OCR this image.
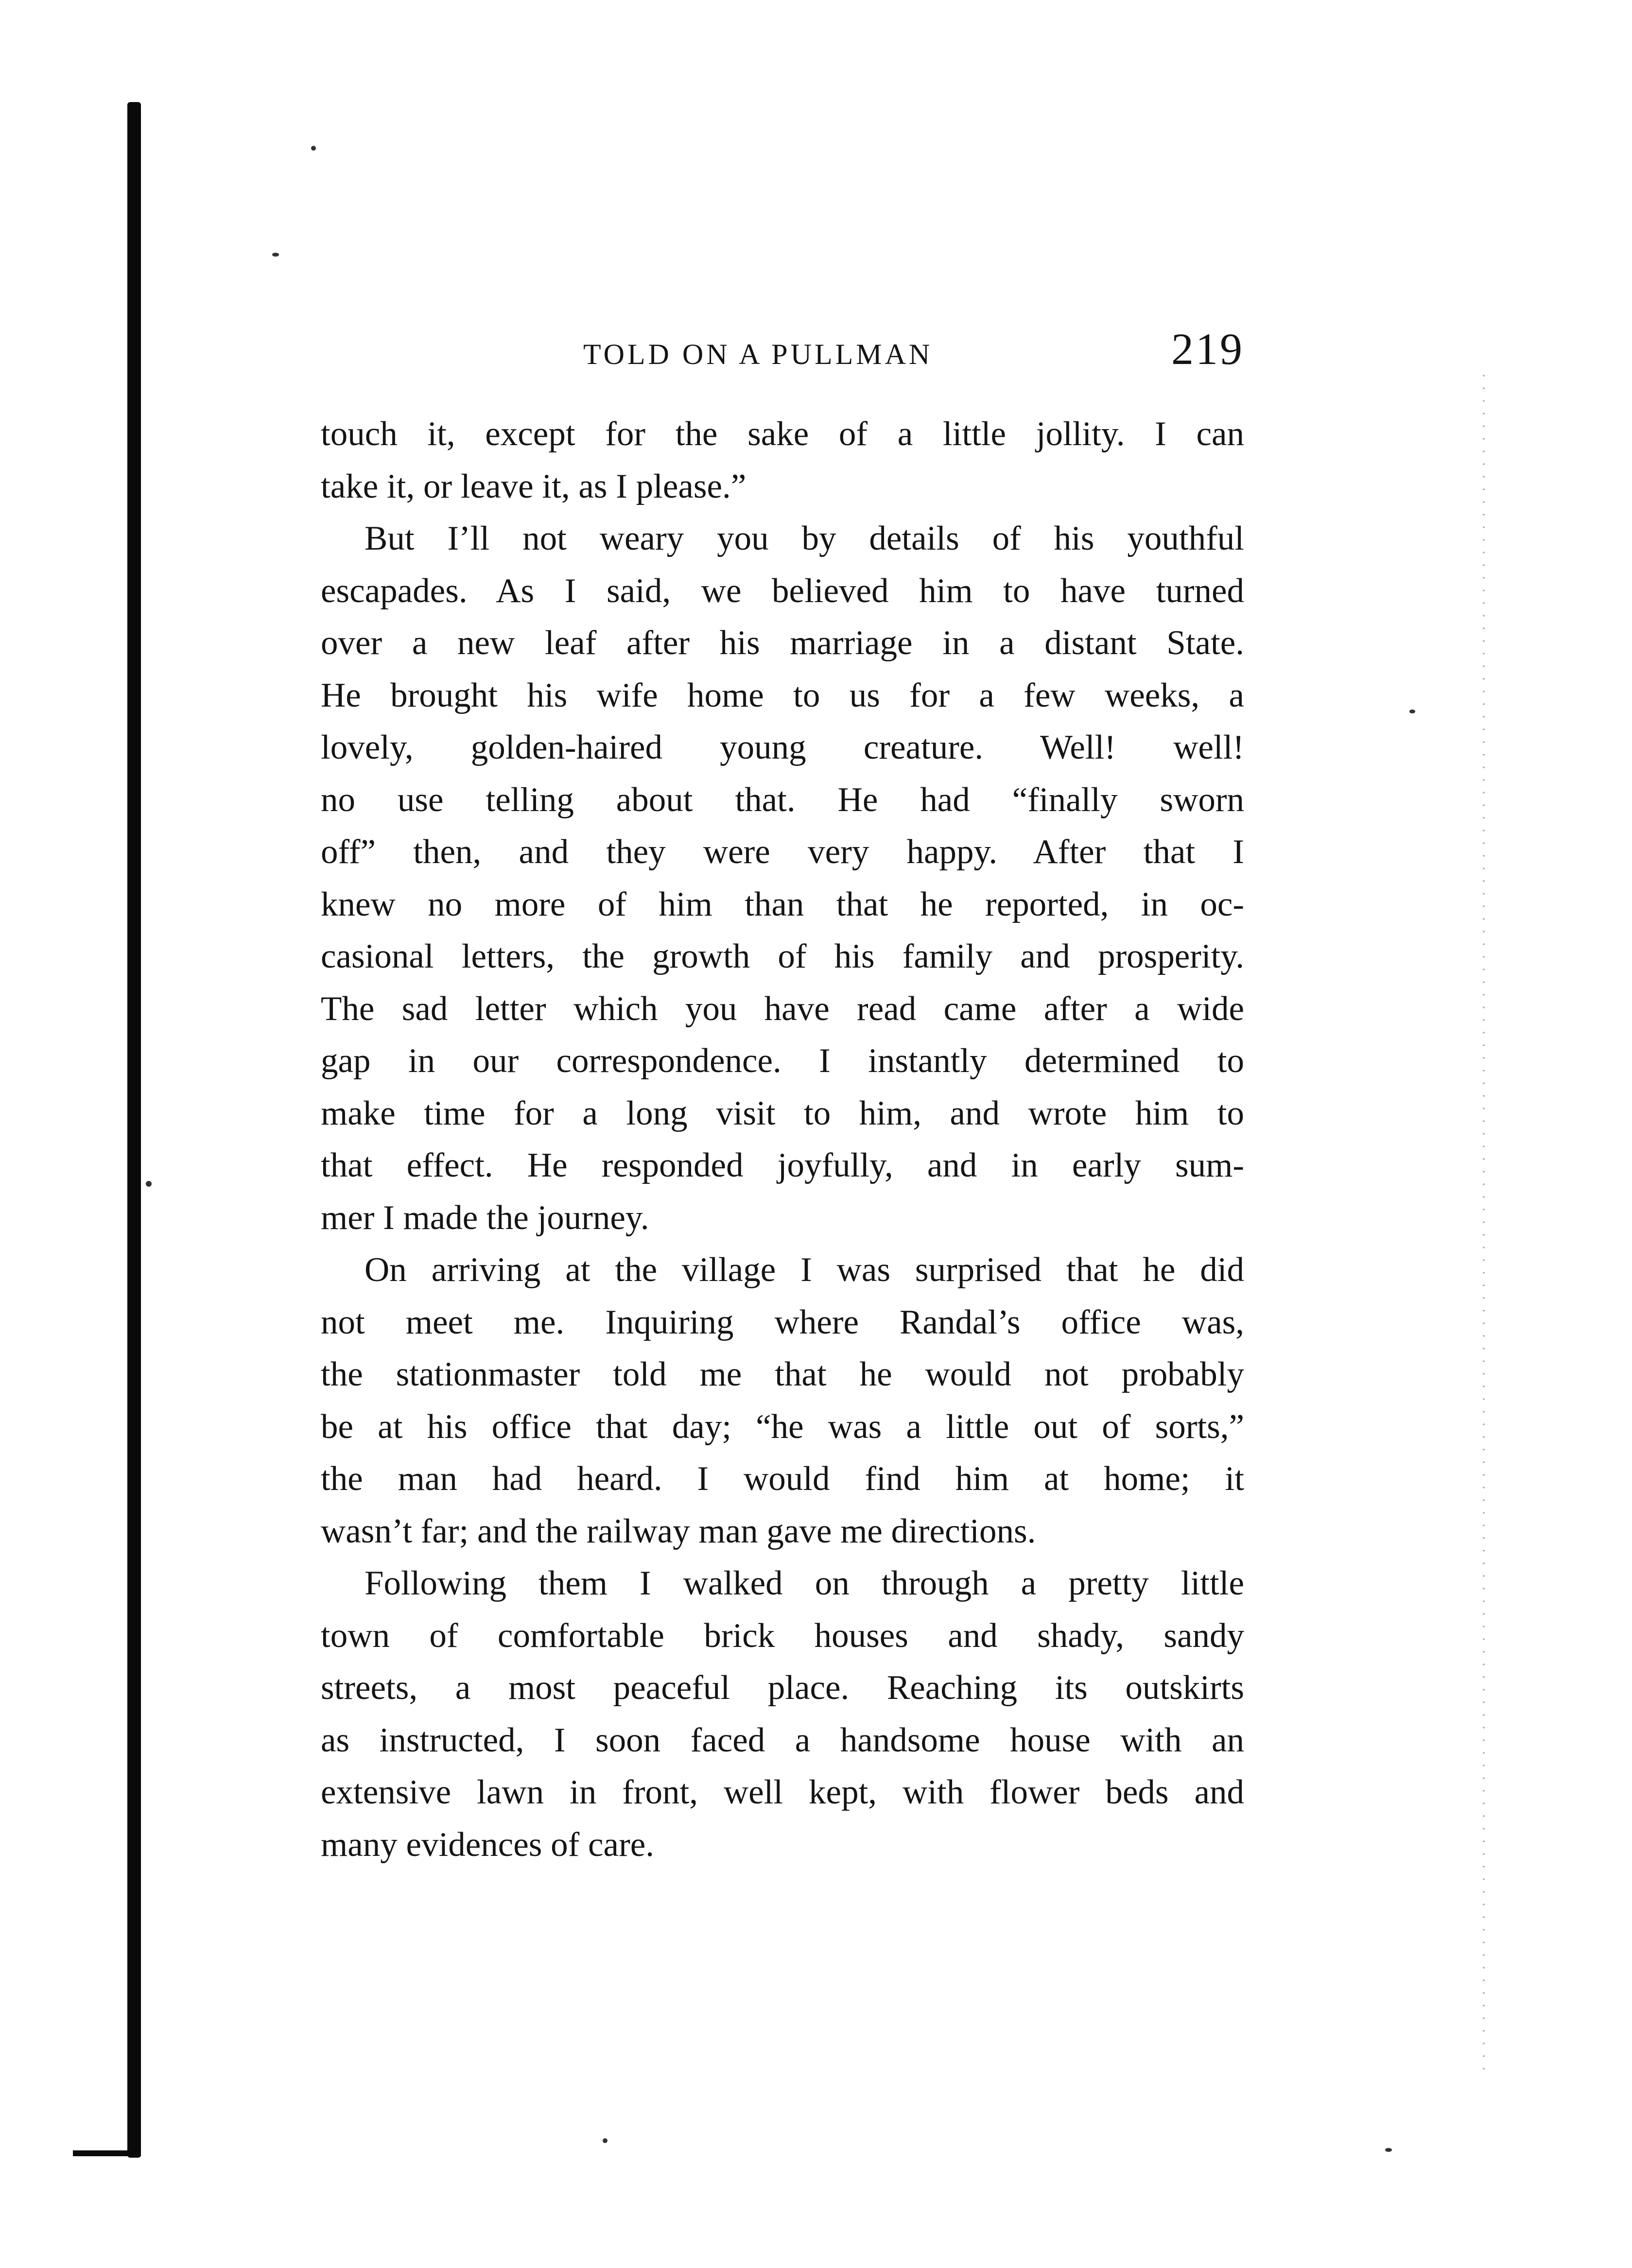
TOLD ON A PULLMAN	219

touch it, except for the sake of a little jollity. I can
take it, or leave it, as I please.”

But I’ll not weary you by details of his youthful
escapades. As I said, we believed him to have turned
over a new leaf after his marriage in a distant State.
He brought his wife home to us for a few weeks, a
lovely, golden-haired young creature. Well! well!
no use telling about that. He had “finally sworn
off” then, and they were very happy. After that I
knew no more of him than that he reported, in oc-
casional letters, the growth of his family and prosperity.
The sad letter which you have read came after a wide
gap in our correspondence. I instantly determined to
make time for a long visit to him, and wrote him to
that effect. He responded joyfully, and in early sum-
mer I made the journey.

On arriving at the village I was surprised that he did
not meet me. Inquiring where Randal’s office was,
the stationmaster told me that he would not probably
be at his office that day; “he was a little out of sorts,”
the man had heard. I would find him at home; it
wasn’t far; and the railway man gave me directions.

Following them I walked on through a pretty little
town of comfortable brick houses and shady, sandy
streets, a most peaceful place. Reaching its outskirts
as instructed, I soon faced a handsome house with an
extensive lawn in front, well kept, with flower beds and
many evidences of care.
